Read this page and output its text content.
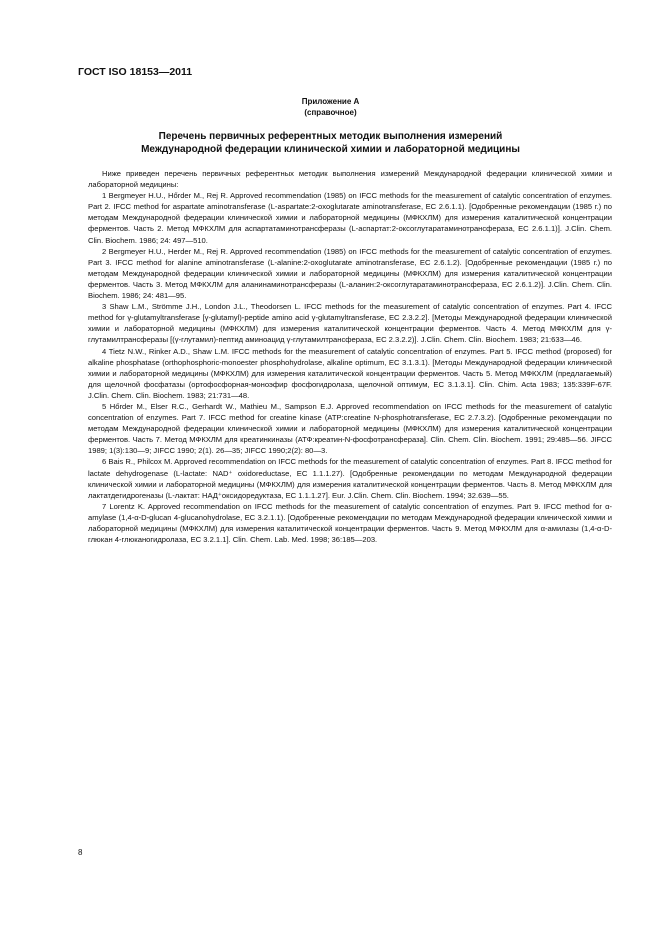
ГОСТ ISO 18153—2011
Приложение А
(справочное)
Перечень первичных референтных методик выполнения измерений
Международной федерации клинической химии и лабораторной медицины

Ниже приведен перечень первичных референтных методик выполнения измерений Международной федерации клинической химии и лабораторной медицины:

1 Bergmeyer H.U., Hőrder M., Rej R. Approved recommendation (1985) on IFCC methods for the measurement of catalytic concentration of enzymes. Part 2. IFCC method for aspartate aminotransferase (L-aspartate:2-oxoglutarate aminotransferase, EC 2.6.1.1). [Одобренные рекомендации (1985 г.) по методам Международной федерации клинической химии и лабораторной медицины (МФКХЛМ) для измерения каталитической концентрации ферментов. Часть 2. Метод МФКХЛМ для аспартатаминотрансферазы (L-аспартат:2-оксоглутаратаминотрансфераза, ЕС 2.6.1.1)]. J.Clin. Chem. Clin. Biochem. 1986; 24: 497—510.

2 Bergmeyer H.U., Herder M., Rej R. Approved recommendation (1985) on IFCC methods for the measurement of catalytic concentration of enzymes. Part 3. IFCC method for alanine aminotransferase (L-alanine:2-oxoglutarate aminotransferase, EC 2.6.1.2). [Одобренные рекомендации (1985 г.) по методам Международной федерации клинической химии и лабораторной медицины (МФКХЛМ) для измерения каталитической концентрации ферментов. Часть 3. Метод МФКХЛМ для аланинаминотрансферазы (L-аланин:2-оксоглутаратаминотрансфераза, ЕС 2.6.1.2)]. J.Clin. Chem. Clin. Biochem. 1986; 24: 481—95.

3 Shaw L.M., Strömme J.H., London J.L., Theodorsen L. IFCC methods for the measurement of catalytic concentration of enzymes. Part 4. IFCC method for γ-glutamyltransferase [γ-glutamyl)-peptide amino acid γ-glutamyltransferase, EC 2.3.2.2]. [Методы Международной федерации клинической химии и лабораторной медицины (МФКХЛМ) для измерения каталитической концентрации ферментов. Часть 4. Метод МФКХЛМ для γ-глутамилтрансферазы [(γ-глутамил)-пептид аминоацид γ-глутамилтрансфераза, ЕС 2.3.2.2)]. J.Clin. Chem. Clin. Biochem. 1983; 21:633—46.

4 Tietz N.W., Rinker A.D., Shaw L.M. IFCC methods for the measurement of catalytic concentration of enzymes. Part 5. IFCC method (proposed) for alkaline phosphatase (orthophosphoric-monoester phosphohydrolase, alkaline optimum, EC 3.1.3.1). [Методы Международной федерации клинической химии и лабораторной медицины (МФКХЛМ) для измерения каталитической концентрации ферментов. Часть 5. Метод МФКХЛМ (предлагаемый) для щелочной фосфатазы (ортофосфорная-моноэфир фосфогидролаза, щелочной оптимум, ЕС 3.1.3.1]. Clin. Chim. Acta 1983; 135:339F-67F. J.Clin. Chem. Clin. Biochem. 1983; 21:731—48.

5 Hőrder M., Elser R.C., Gerhardt W., Mathieu M., Sampson E.J. Approved recommendation on IFCC methods for the measurement of catalytic concentration of enzymes. Part 7. IFCC method for creatine kinase (ATP:creatine N-phosphotransferase, EC 2.7.3.2). [Одобренные рекомендации по методам Международной федерации клинической химии и лабораторной медицины (МФКХЛМ) для измерения каталитической концентрации ферментов. Часть 7. Метод МФКХЛМ для креатинкиназы (АТФ:креатин-N-фосфотрансфераза]. Clin. Chem. Clin. Biochem. 1991; 29:485—56. JIFCC 1989; 1(3):130—9; JIFCC 1990; 2(1). 26—35; JIFCC 1990;2(2): 80—3.

6 Bais R., Philcox M. Approved recommendation on IFCC methods for the measurement of catalytic concentration of enzymes. Part 8. IFCC method for lactate dehydrogenase (L-lactate: NAD⁺ oxidoreductase, EC 1.1.1.27). [Одобренные рекомендации по методам Международной федерации клинической химии и лабораторной медицины (МФКХЛМ) для измерения каталитической концентрации ферментов. Часть 8. Метод МФКХЛМ для лактатдегидрогеназы (L-лактат: НАД⁺оксидоредуктаза, ЕС 1.1.1.27]. Eur. J.Clin. Chem. Clin. Biochem. 1994; 32.639—55.

7 Lorentz K. Approved recommendation on IFCC methods for the measurement of catalytic concentration of enzymes. Part 9. IFCC method for α-amylase (1,4-α-D-glucan 4-glucanohydrolase, EC 3.2.1.1). [Одобренные рекомендации по методам Международной федерации клинической химии и лабораторной медицины (МФКХЛМ) для измерения каталитической концентрации ферментов. Часть 9. Метод МФКХЛМ для α-амилазы (1,4-α-D-глюкан 4-глюканогидролаза, ЕС 3.2.1.1]. Clin. Chem. Lab. Med. 1998; 36:185—203.

8
